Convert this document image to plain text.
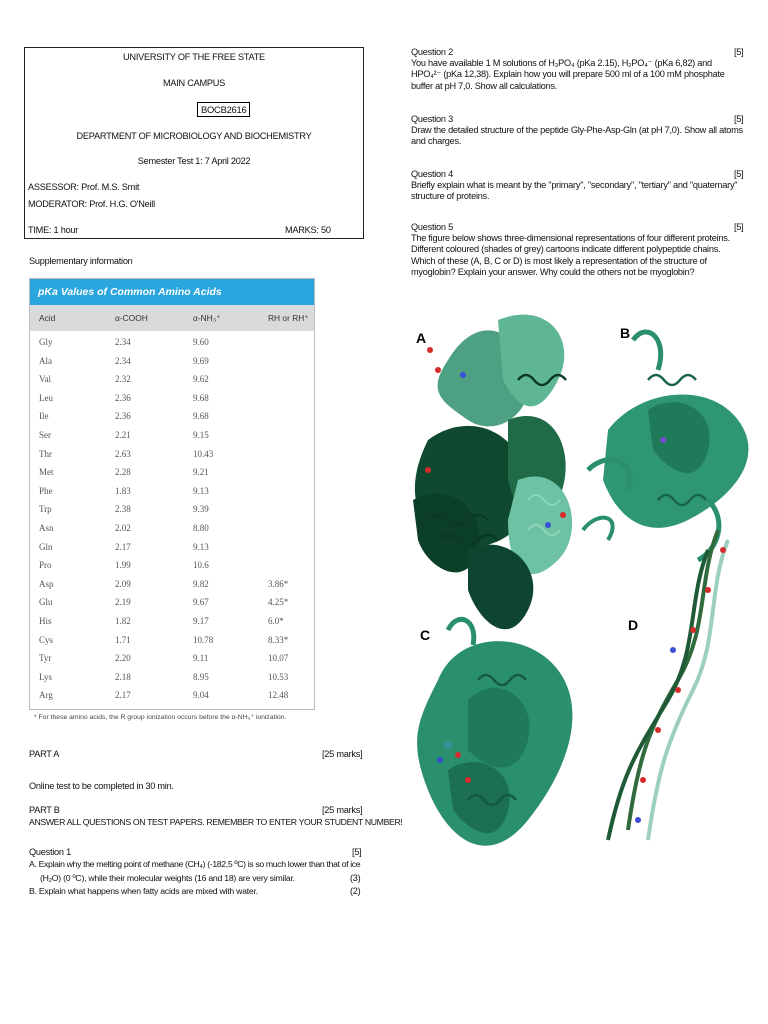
UNIVERSITY OF THE FREE STATE
MAIN CAMPUS
BOCB2616
DEPARTMENT OF MICROBIOLOGY AND BIOCHEMISTRY
Semester Test 1: 7 April 2022
ASSESSOR: Prof. M.S. Smit
MODERATOR: Prof. H.G. O'Neill
TIME: 1 hour	MARKS: 50
Supplementary information
pKa Values of Common Amino Acids
Acid	α-COOH	α-NH₃⁺	RH or RH⁺
Gly	2.34	9.60
Ala	2.34	9.69
Val	2.32	9.62
Leu	2.36	9.68
Ile	2.36	9.68
Ser	2.21	9.15
Thr	2.63	10.43
Met	2.28	9.21
Phe	1.83	9.13
Trp	2.38	9.39
Asn	2.02	8.80
Gln	2.17	9.13
Pro	1.99	10.6
Asp	2.09	9.82	3.86*
Glu	2.19	9.67	4.25*
His	1.82	9.17	6.0*
Cys	1.71	10.78	8.33*
Tyr	2.20	9.11	10.07
Lys	2.18	8.95	10.53
Arg	2.17	9.04	12.48
* For these amino acids, the R group ionization occurs before the α-NH₃⁺ ionization.
PART A	[25 marks]
Online test to be completed in 30 min.
PART B	[25 marks]
ANSWER ALL QUESTIONS ON TEST PAPERS. REMEMBER TO ENTER YOUR STUDENT NUMBER!
Question 1	[5]
A. Explain why the melting point of methane (CH₄) (-182,5 ºC) is so much lower than that of ice
(H₂O) (0 ºC), while their molecular weights (16 and 18) are very similar.	(3)
B. Explain what happens when fatty acids are mixed with water.	(2)
Question 2	[5]
You have available 1 M solutions of H₃PO₄ (pKa 2.15), H₂PO₄⁻ (pKa 6,82) and HPO₄²⁻ (pKa 12,38). Explain how you will prepare 500 ml of a 100 mM phosphate buffer at pH 7,0. Show all calculations.
Question 3	[5]
Draw the detailed structure of the peptide Gly-Phe-Asp-Gln (at pH 7,0). Show all atoms and charges.
Question 4	[5]
Briefly explain what is meant by the "primary", "secondary", "tertiary" and "quaternary" structure of proteins.
Question 5	[5]
The figure below shows three-dimensional representations of four different proteins. Different coloured (shades of grey) cartoons indicate different polypeptide chains. Which of these (A, B, C or D) is most likely a representation of the structure of myoglobin? Explain your answer. Why could the others not be myoglobin?
A	B
C
D
